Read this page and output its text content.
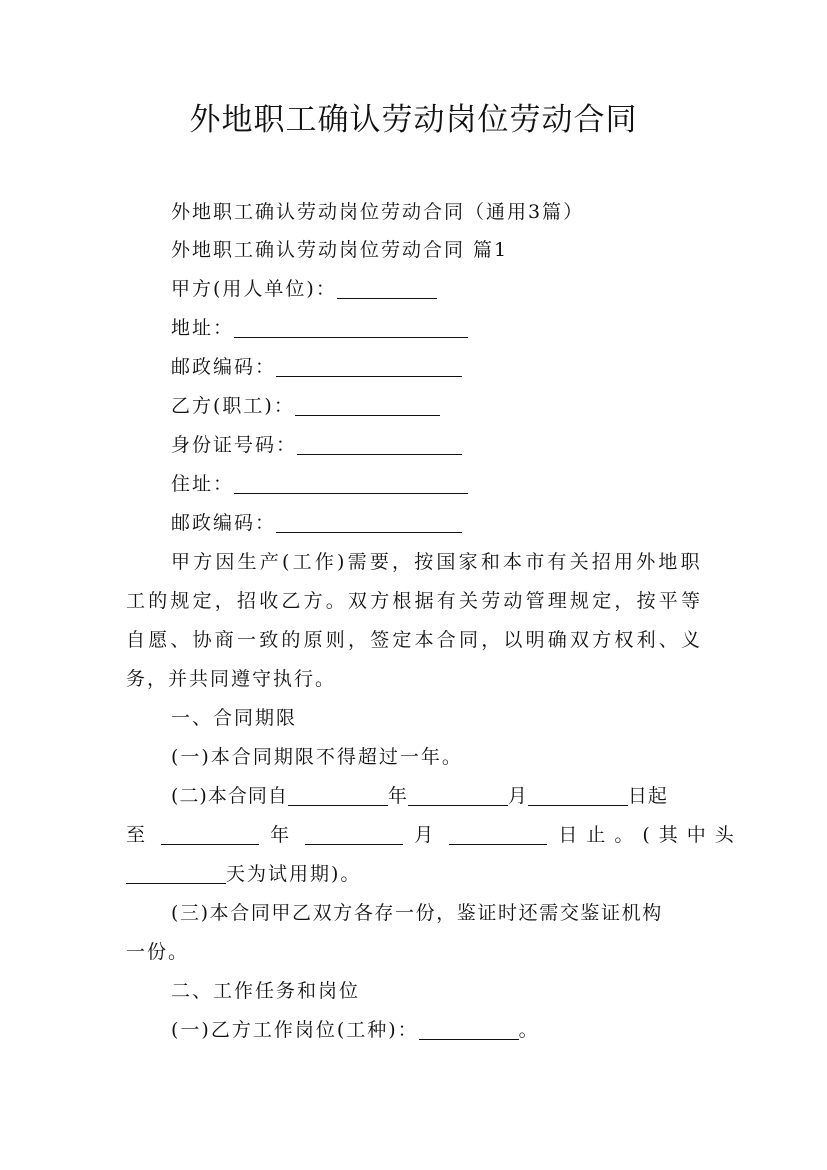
外地职工确认劳动岗位劳动合同
外地职工确认劳动岗位劳动合同（通用3篇）
外地职工确认劳动岗位劳动合同 篇1
甲方(用人单位)：
地址：
邮政编码：
乙方(职工)：
身份证号码：
住址：
邮政编码：
甲方因生产(工作)需要，按国家和本市有关招用外地职
工的规定，招收乙方。双方根据有关劳动管理规定，按平等
自愿、协商一致的原则，签定本合同，以明确双方权利、义
务，并共同遵守执行。
一、合同期限
(一)本合同期限不得超过一年。
(二)本合同自	年	月	日起
至	年	月	日止。(其中头
天为试用期)。
(三)本合同甲乙双方各存一份，鉴证时还需交鉴证机构
一份。
二、工作任务和岗位
(一)乙方工作岗位(工种)：	。
